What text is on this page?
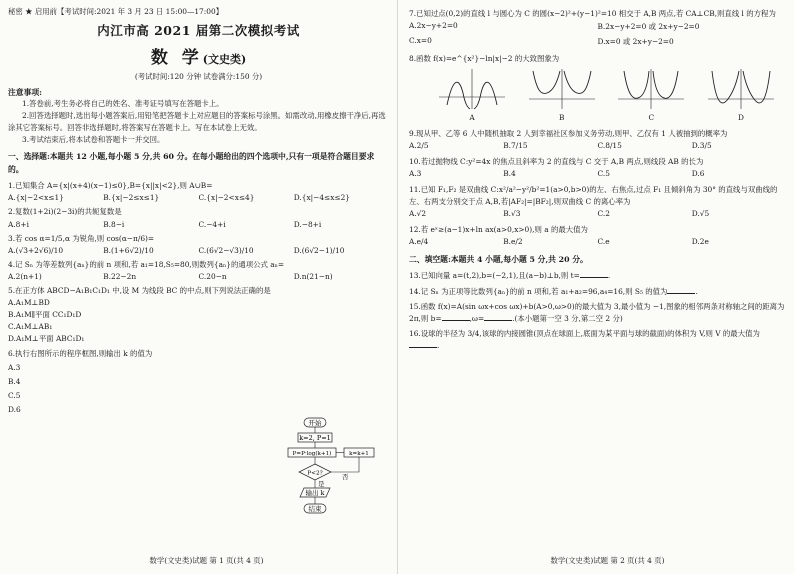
秘密 ★ 启用前【考试时间:2021 年 3 月 23 日 15:00—17:00】
内江市高 2021 届第二次模拟考试
数 学(文史类)
(考试时间:120 分钟 试卷满分:150 分)
注意事项:
1.答卷前,考生务必将自己的姓名、准考证号填写在答题卡上。
2.回答选择题时,选出每小题答案后,用铅笔把答题卡上对应题目的答案标号涂黑。如需改动,用橡皮擦干净后,再选涂其它答案标号。回答非选择题时,将答案写在答题卡上。写在本试卷上无效。
3.考试结束后,将本试卷和答题卡一并交回。
一、选择题:本题共 12 小题,每小题 5 分,共 60 分。在每小题给出的四个选项中,只有一项是符合题目要求的。
1.已知集合 A={x|(x+4)(x−1)≤0},B={x||x|<2},则 A∪B=
A.{x|−2<x≤1}	B.{x|−2≤x≤1}	C.{x|−2<x≤4}	D.{x|−4≤x≤2}
2.复数(1+2i)(2−3i)的共轭复数是
A.8+i	B.8−i	C.−4+i	D.−8+i
3.若 cos α=1/5,α 为锐角,则 cos(α−π/6)=
A.(√3+2√6)/10	B.(1+6√2)/10	C.(6√2−√3)/10	D.(6√2−1)/10
4.记 Sₙ 为等差数列{aₙ}的前 n 项和,若 a₁=18,S₅=80,则数列{aₙ}的通项公式 aₙ=
A.2(n+1)	B.22−2n	C.20−n	D.n(21−n)
5.在正方体 ABCD−A₁B₁C₁D₁ 中,设 M 为线段 BC 的中点,则下列说法正确的是
A.A₁M⊥BD
B.A₁M∥平面 CC₁D₁D
C.A₁M⊥AB₁
D.A₁M⊥平面 ABC₁D₁
6.执行右图所示的程序框图,则输出 k 的值为
A.3
B.4
C.5
D.6
开始
k=2, P=1
P=P·log(k+1)	k=k+1
P<2?	否
是
输出 k
结束
数学(文史类)试题 第 1 页(共 4 页)
7.已知过点(0,2)的直线 l 与圆心为 C 的圆(x−2)²+(y−1)²=10 相交于 A,B 两点,若 CA⊥CB,则直线 l 的方程为
A.2x−y+2=0	B.2x−y+2=0 或 2x+y−2=0
C.x=0	D.x=0 或 2x+y−2=0
8.函数 f(x)=e^{x²}−ln|x|−2 的大致图象为
A	B	C	D
9.现从甲、乙等 6 人中随机抽取 2 人到幸福社区参加义务劳动,则甲、乙仅有 1 人被抽到的概率为
A.2/5	B.7/15	C.8/15	D.3/5
10.若过抛物线 C:y²=4x 的焦点且斜率为 2 的直线与 C 交于 A,B 两点,则线段 AB 的长为
A.3	B.4	C.5	D.6
11.已知 F₁,F₂ 是双曲线 C:x²/a²−y²/b²=1(a>0,b>0)的左、右焦点,过点 F₁ 且倾斜角为 30° 的直线与双曲线的左、右两支分别交于点 A,B,若|AF₂|=|BF₂|,则双曲线 C 的离心率为
A.√2	B.√3	C.2	D.√5
12.若 eˣ≥(a−1)x+ln ax(a>0,x>0),则 a 的最大值为
A.e/4	B.e/2	C.e	D.2e
二、填空题:本题共 4 小题,每小题 5 分,共 20 分。
13.已知向量 a=(t,2),b=(−2,1),且(a−b)⊥b,则 t=	.
14.记 Sₙ 为正项等比数列{aₙ}的前 n 项和,若 a₁+a₂=96,a₄=16,则 S₅ 的值为	.
15.函数 f(x)=A(sin ωx+cos ωx)+b(A>0,ω>0)的最大值为 3,最小值为 −1,图象的相邻两条对称轴之间的距离为 2π,则 b=	,ω=	.(本小题第一空 3 分,第二空 2 分)
16.设球的半径为 3/4,该球的内接圆锥(顶点在球面上,底面为某平面与球的截面)的体积为 V,则 V 的最大值为.
数学(文史类)试题 第 2 页(共 4 页)
